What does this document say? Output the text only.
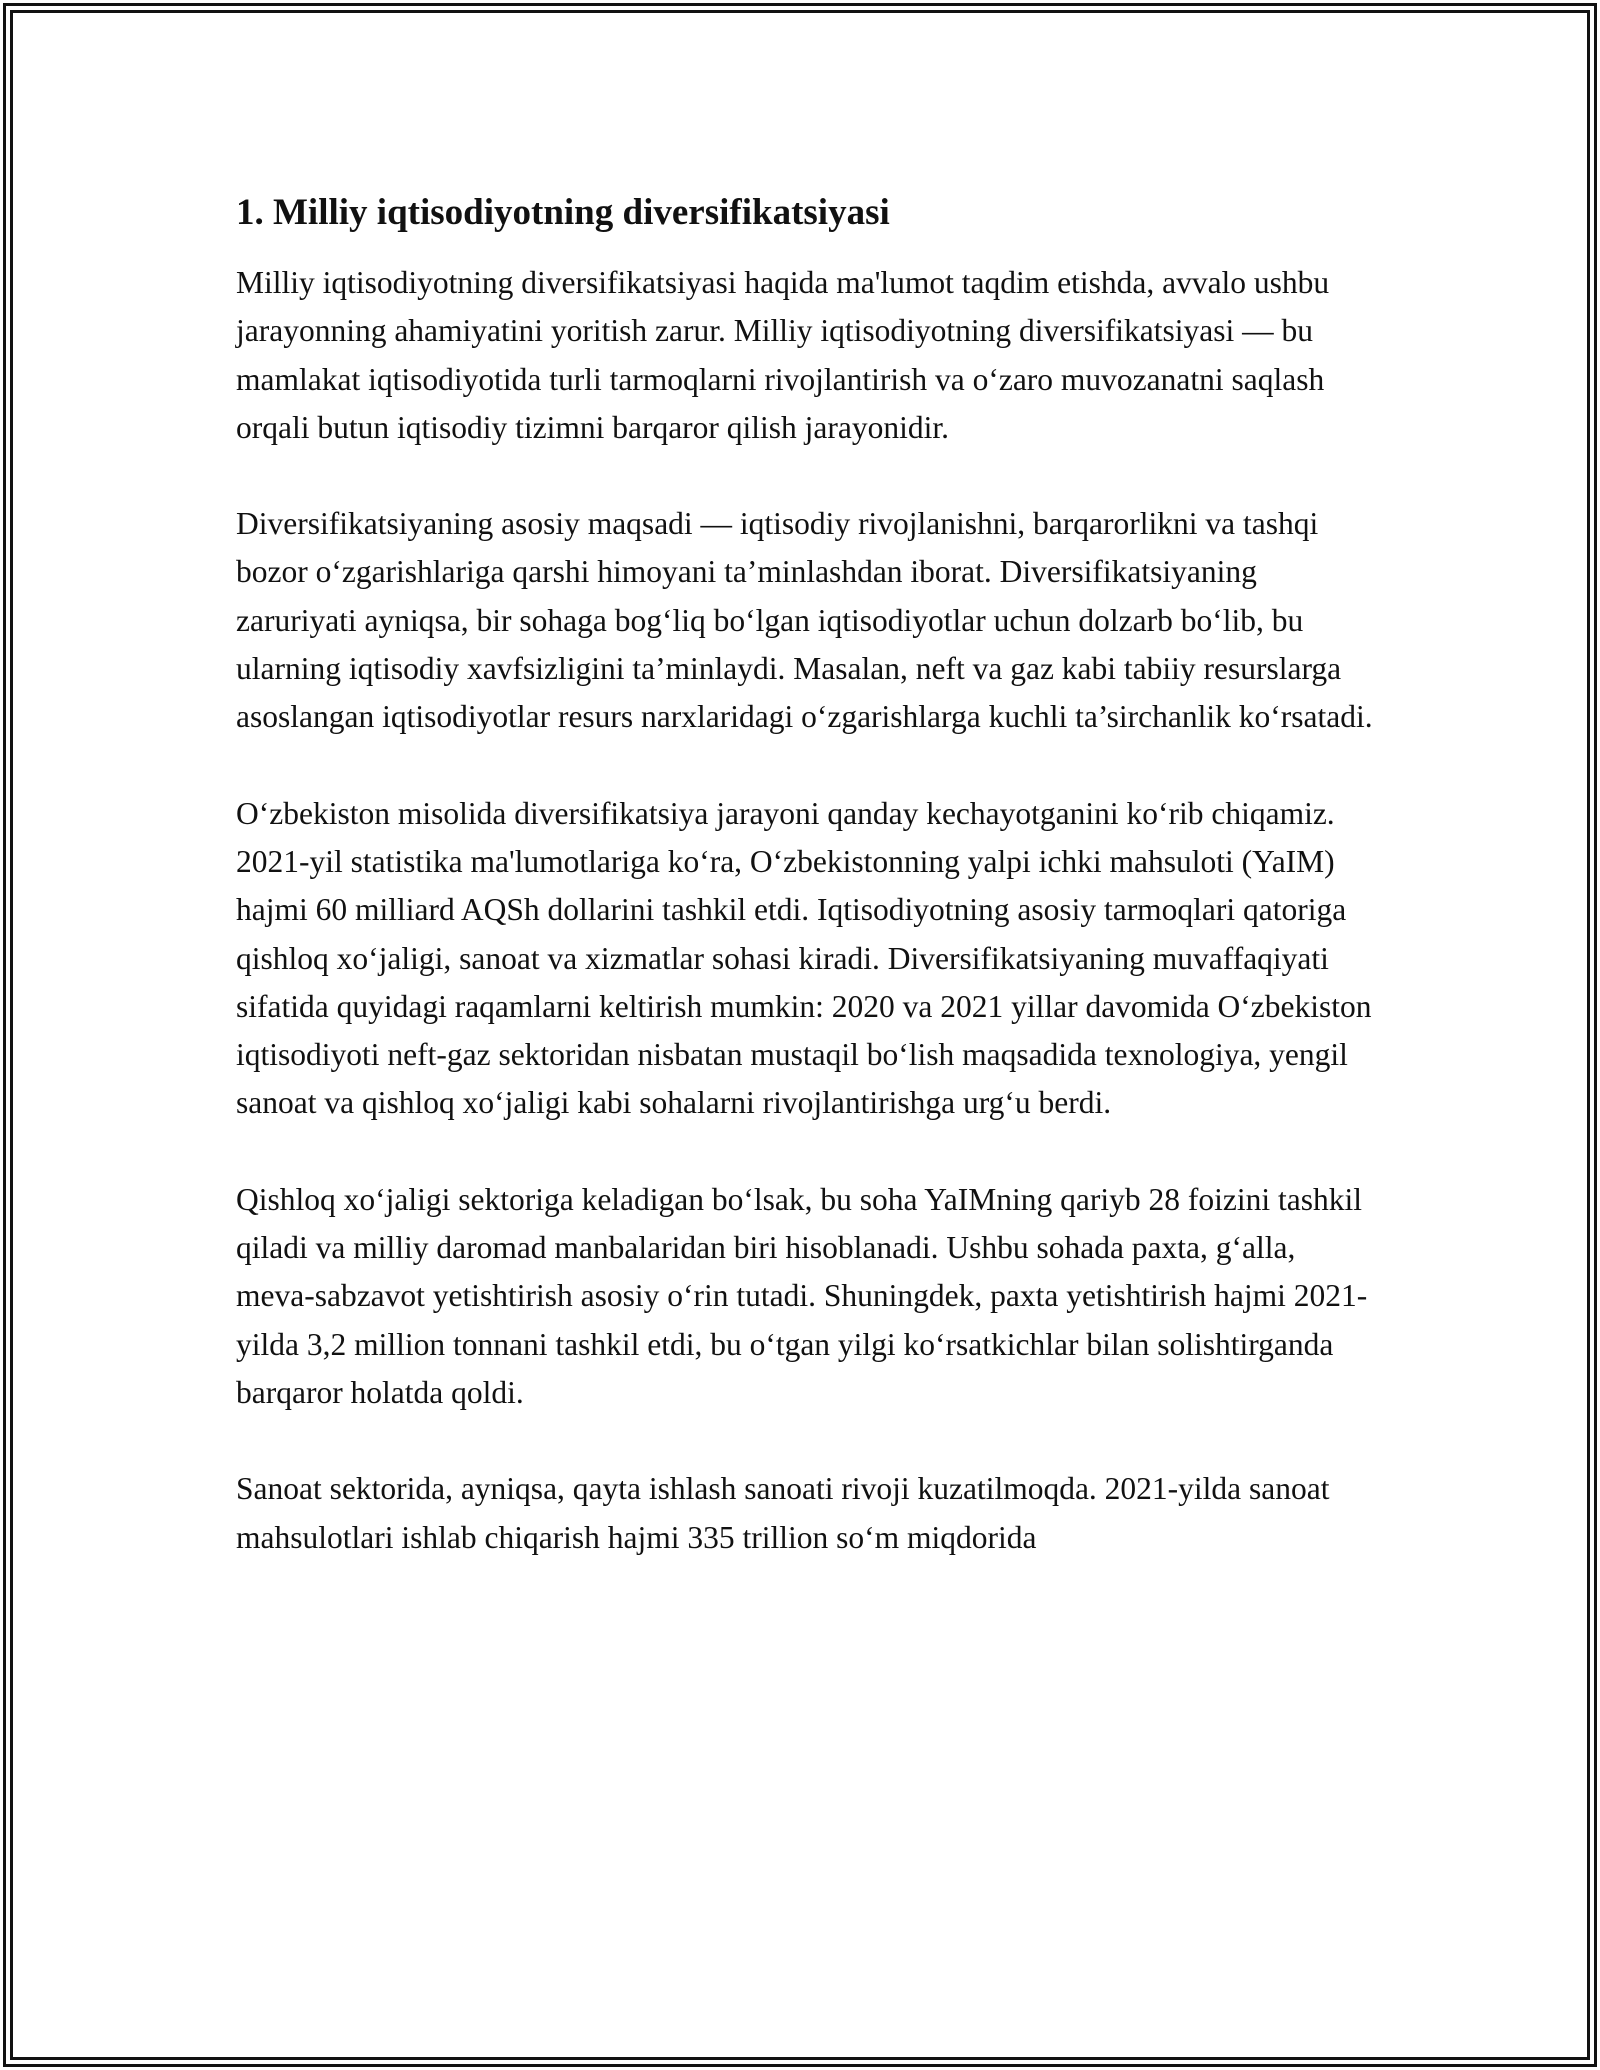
1. Milliy iqtisodiyotning diversifikatsiyasi

Milliy iqtisodiyotning diversifikatsiyasi haqida ma'lumot taqdim etishda, avvalo ushbu jarayonning ahamiyatini yoritish zarur. Milliy iqtisodiyotning diversifikatsiyasi — bu mamlakat iqtisodiyotida turli tarmoqlarni rivojlantirish va o‘zaro muvozanatni saqlash orqali butun iqtisodiy tizimni barqaror qilish jarayonidir.

Diversifikatsiyaning asosiy maqsadi — iqtisodiy rivojlanishni, barqarorlikni va tashqi bozor o‘zgarishlariga qarshi himoyani ta’minlashdan iborat. Diversifikatsiyaning zaruriyati ayniqsa, bir sohaga bog‘liq bo‘lgan iqtisodiyotlar uchun dolzarb bo‘lib, bu ularning iqtisodiy xavfsizligini ta’minlaydi. Masalan, neft va gaz kabi tabiiy resurslarga asoslangan iqtisodiyotlar resurs narxlaridagi o‘zgarishlarga kuchli ta’sirchanlik ko‘rsatadi.

O‘zbekiston misolida diversifikatsiya jarayoni qanday kechayotganini ko‘rib chiqamiz. 2021-yil statistika ma'lumotlariga ko‘ra, O‘zbekistonning yalpi ichki mahsuloti (YaIM) hajmi 60 milliard AQSh dollarini tashkil etdi. Iqtisodiyotning asosiy tarmoqlari qatoriga qishloq xo‘jaligi, sanoat va xizmatlar sohasi kiradi. Diversifikatsiyaning muvaffaqiyati sifatida quyidagi raqamlarni keltirish mumkin: 2020 va 2021 yillar davomida O‘zbekiston iqtisodiyoti neft-gaz sektoridan nisbatan mustaqil bo‘lish maqsadida texnologiya, yengil sanoat va qishloq xo‘jaligi kabi sohalarni rivojlantirishga urg‘u berdi.

Qishloq xo‘jaligi sektoriga keladigan bo‘lsak, bu soha YaIMning qariyb 28 foizini tashkil qiladi va milliy daromad manbalaridan biri hisoblanadi. Ushbu sohada paxta, g‘alla, meva-sabzavot yetishtirish asosiy o‘rin tutadi. Shuningdek, paxta yetishtirish hajmi 2021-yilda 3,2 million tonnani tashkil etdi, bu o‘tgan yilgi ko‘rsatkichlar bilan solishtirganda barqaror holatda qoldi.

Sanoat sektorida, ayniqsa, qayta ishlash sanoati rivoji kuzatilmoqda. 2021-yilda sanoat mahsulotlari ishlab chiqarish hajmi 335 trillion so‘m miqdorida
